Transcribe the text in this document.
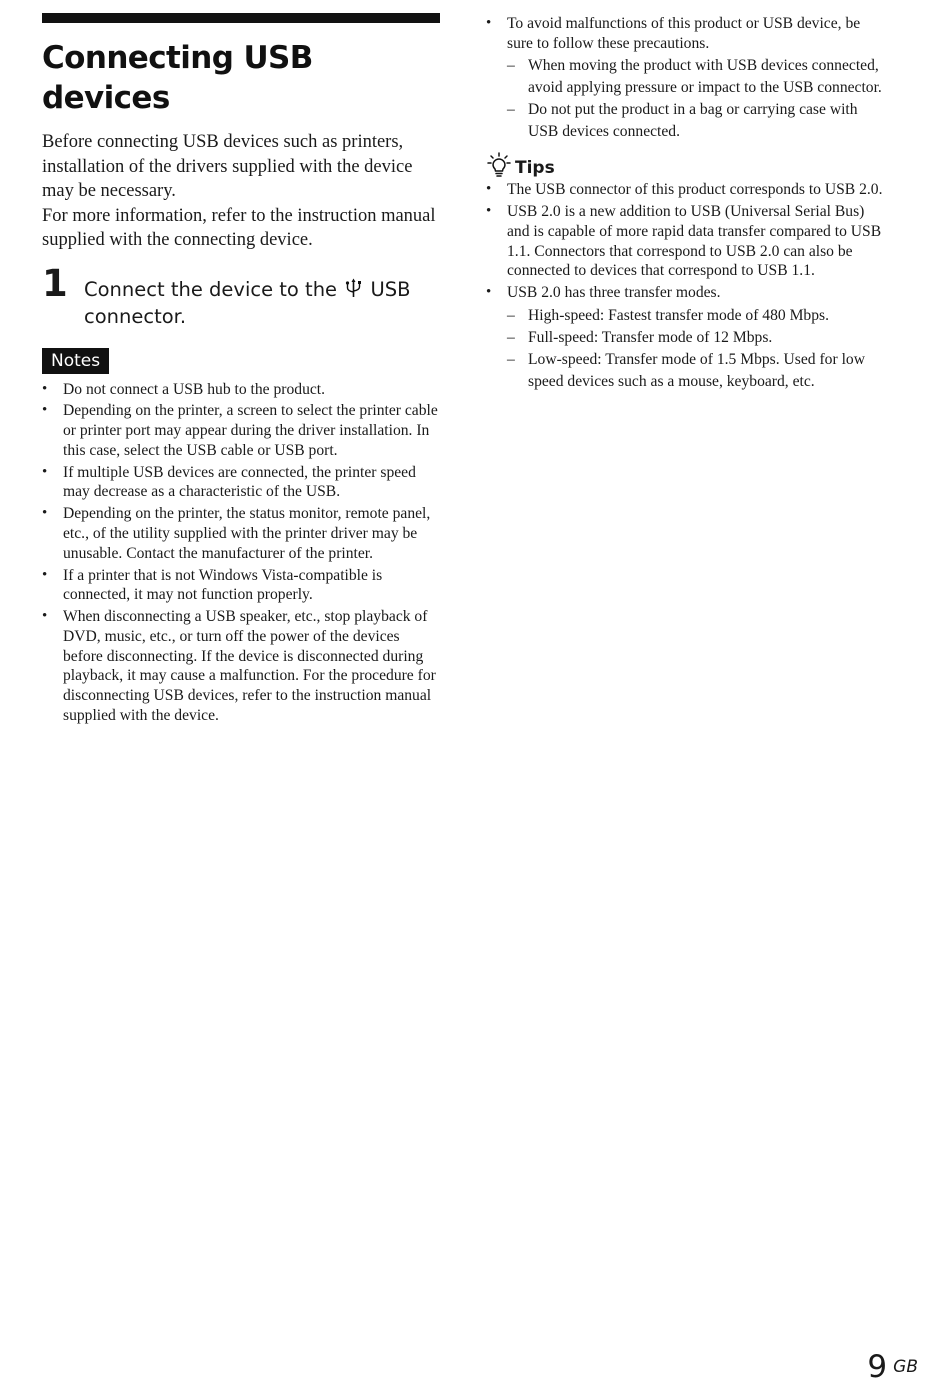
Connecting USB devices

Before connecting USB devices such as printers, installation of the drivers supplied with the device may be necessary.

For more information, refer to the instruction manual supplied with the connecting device.

1 Connect the device to the USB connector.
Notes
• Do not connect a USB hub to the product.
• Depending on the printer, a screen to select the printer cable or printer port may appear during the driver installation. In this case, select the USB cable or USB port.
• If multiple USB devices are connected, the printer speed may decrease as a characteristic of the USB.
• Depending on the printer, the status monitor, remote panel, etc., of the utility supplied with the printer driver may be unusable. Contact the manufacturer of the printer.
• If a printer that is not Windows Vista-compatible is connected, it may not function properly.
• When disconnecting a USB speaker, etc., stop playback of DVD, music, etc., or turn off the power of the devices before disconnecting. If the device is disconnected during playback, it may cause a malfunction. For the procedure for disconnecting USB devices, refer to the instruction manual supplied with the device.
• To avoid malfunctions of this product or USB device, be sure to follow these precautions.
– When moving the product with USB devices connected, avoid applying pressure or impact to the USB connector.
– Do not put the product in a bag or carrying case with USB devices connected.
Tips
• The USB connector of this product corresponds to USB 2.0.
• USB 2.0 is a new addition to USB (Universal Serial Bus) and is capable of more rapid data transfer compared to USB 1.1. Connectors that correspond to USB 2.0 can also be connected to devices that correspond to USB 1.1.
• USB 2.0 has three transfer modes.
– High-speed: Fastest transfer mode of 480 Mbps.
– Full-speed: Transfer mode of 12 Mbps.
– Low-speed: Transfer mode of 1.5 Mbps. Used for low speed devices such as a mouse, keyboard, etc.
9 $^{GB}$
